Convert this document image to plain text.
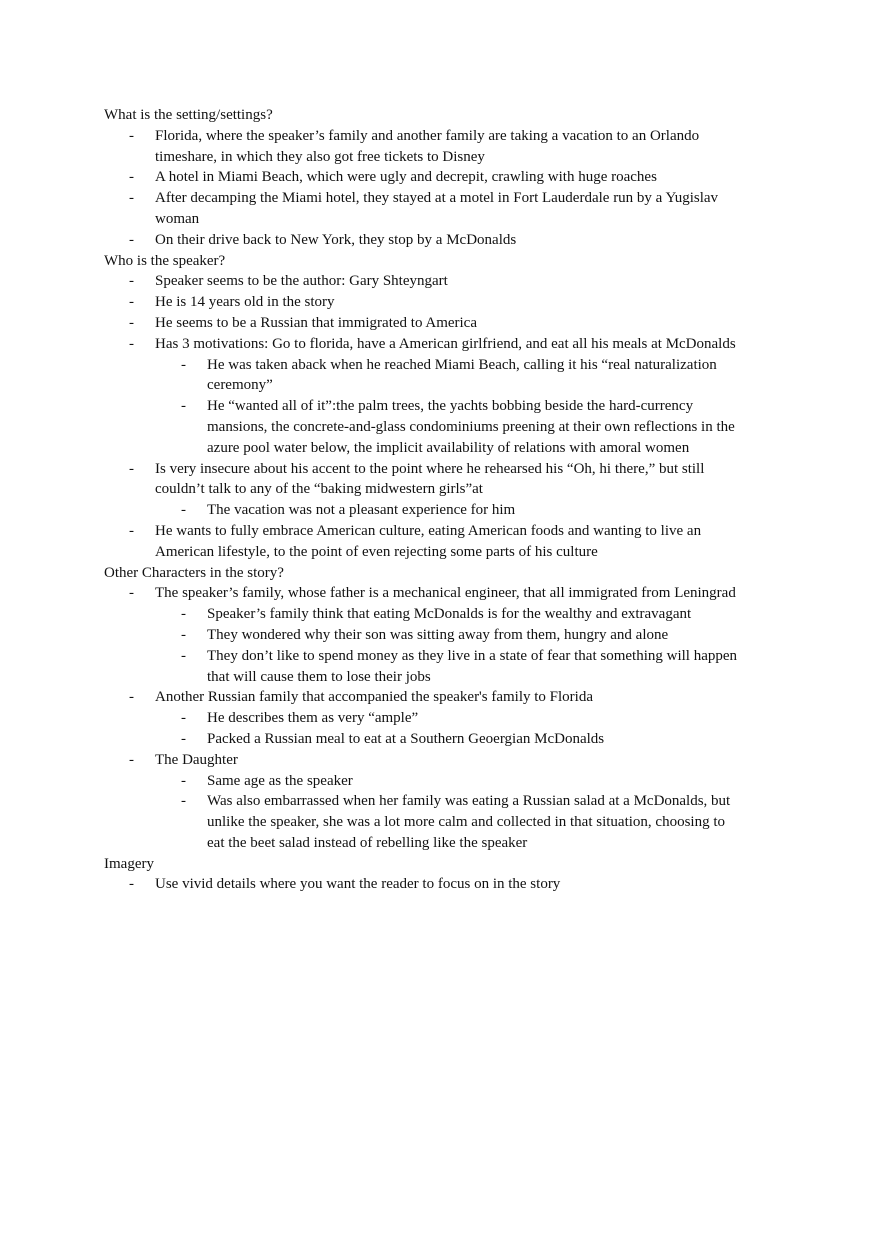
What is the setting/settings?

- Florida, where the speaker’s family and another family are taking a vacation to an Orlando timeshare, in which they also got free tickets to Disney
- A hotel in Miami Beach, which were ugly and decrepit, crawling with huge roaches
- After decamping the Miami hotel, they stayed at a motel in Fort Lauderdale run by a Yugislav woman
- On their drive back to New York, they stop by a McDonalds

Who is the speaker?

- Speaker seems to be the author: Gary Shteyngart
- He is 14 years old in the story
- He seems to be a Russian that immigrated to America
- Has 3 motivations: Go to florida, have a American girlfriend, and eat all his meals at McDonalds
- He was taken aback when he reached Miami Beach, calling it his “real naturalization ceremony”
- He “wanted all of it”:the palm trees, the yachts bobbing beside the hard-currency mansions, the concrete-and-glass condominiums preening at their own reflections in the azure pool water below, the implicit availability of relations with amoral women
- Is very insecure about his accent to the point where he rehearsed his “Oh, hi there,” but still couldn’t talk to any of the “baking midwestern girls”at
- The vacation was not a pleasant experience for him
- He wants to fully embrace American culture, eating American foods and wanting to live an American lifestyle, to the point of even rejecting some parts of his culture

Other Characters in the story?

- The speaker’s family, whose father is a mechanical engineer, that all immigrated from Leningrad
- Speaker’s family think that eating McDonalds is for the wealthy and extravagant
- They wondered why their son was sitting away from them, hungry and alone
- They don’t like to spend money as they live in a state of fear that something will happen that will cause them to lose their jobs
- Another Russian family that accompanied the speaker's family to Florida
- He describes them as very “ample”
- Packed a Russian meal to eat at a Southern Geoergian McDonalds
- The Daughter
- Same age as the speaker
- Was also embarrassed when her family was eating a Russian salad at a McDonalds, but unlike the speaker, she was a lot more calm and collected in that situation, choosing to eat the beet salad instead of rebelling like the speaker

Imagery

- Use vivid details where you want the reader to focus on in the story
